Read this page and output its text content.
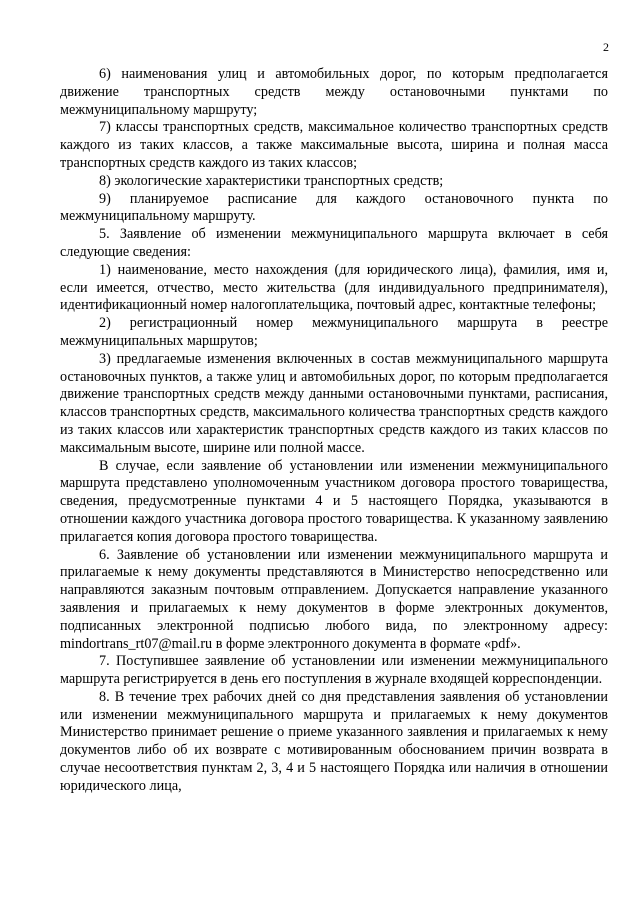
2

6) наименования улиц и автомобильных дорог, по которым предполагается движение транспортных средств между остановочными пунктами по межмуниципальному маршруту;

7) классы транспортных средств, максимальное количество транспортных средств каждого из таких классов, а также максимальные высота, ширина и полная масса транспортных средств каждого из таких классов;

8) экологические характеристики транспортных средств;

9) планируемое расписание для каждого остановочного пункта по межмуниципальному маршруту.

5. Заявление об изменении межмуниципального маршрута включает в себя следующие сведения:

1) наименование, место нахождения (для юридического лица), фамилия, имя и, если имеется, отчество, место жительства (для индивидуального предпринимателя), идентификационный номер налогоплательщика, почтовый адрес, контактные телефоны;

2) регистрационный номер межмуниципального маршрута в реестре межмуниципальных маршрутов;

3) предлагаемые изменения включенных в состав межмуниципального маршрута остановочных пунктов, а также улиц и автомобильных дорог, по которым предполагается движение транспортных средств между данными остановочными пунктами, расписания, классов транспортных средств, максимального количества транспортных средств каждого из таких классов или характеристик транспортных средств каждого из таких классов по максимальным высоте, ширине или полной массе.

В случае, если заявление об установлении или изменении межмуниципального маршрута представлено уполномоченным участником договора простого товарищества, сведения, предусмотренные пунктами 4 и 5 настоящего Порядка, указываются в отношении каждого участника договора простого товарищества. К указанному заявлению прилагается копия договора простого товарищества.

6. Заявление об установлении или изменении межмуниципального маршрута и прилагаемые к нему документы представляются в Министерство непосредственно или направляются заказным почтовым отправлением. Допускается направление указанного заявления и прилагаемых к нему документов в форме электронных документов, подписанных электронной подписью любого вида, по электронному адресу: mindortrans_rt07@mail.ru в форме электронного документа в формате «pdf».

7. Поступившее заявление об установлении или изменении межмуниципального маршрута регистрируется в день его поступления в журнале входящей корреспонденции.

8. В течение трех рабочих дней со дня представления заявления об установлении или изменении межмуниципального маршрута и прилагаемых к нему документов Министерство принимает решение о приеме указанного заявления и прилагаемых к нему документов либо об их возврате с мотивированным обоснованием причин возврата в случае несоответствия пунктам 2, 3, 4 и 5 настоящего Порядка или наличия в отношении юридического лица,
